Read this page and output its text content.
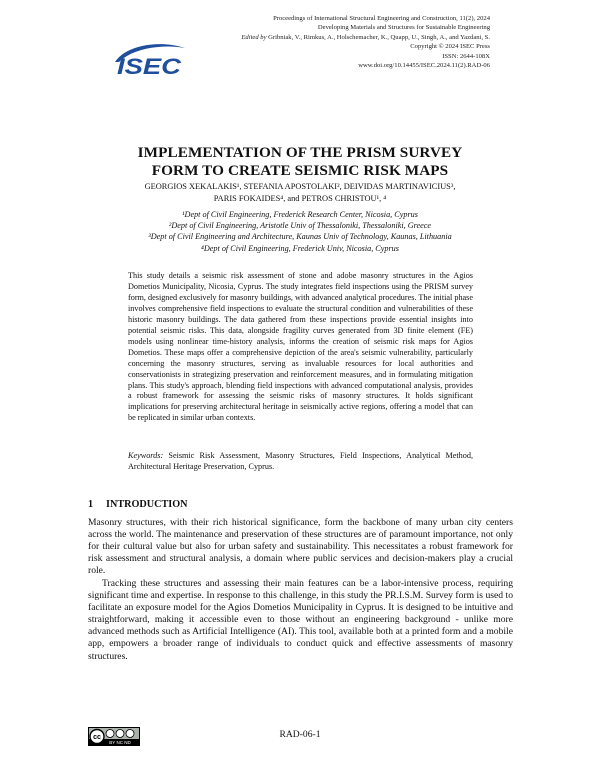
ISEC
Proceedings of International Structural Engineering and Construction, 11(2), 2024
Developing Materials and Structures for Sustainable Engineering
Edited by Gribniak, V., Rimkus, A., Holschemacher, K., Quapp, U., Singh, A., and Yazdani, S.
Copyright © 2024 ISEC Press
ISSN: 2644-108X
www.doi.org/10.14455/ISEC.2024.11(2).RAD-06
IMPLEMENTATION OF THE PRISM SURVEY
FORM TO CREATE SEISMIC RISK MAPS
GEORGIOS XEKALAKIS¹, STEFANIA APOSTOLAKI², DEIVIDAS MARTINAVICIUS³,
PARIS FOKAIDES⁴, and PETROS CHRISTOU¹, ⁴
¹Dept of Civil Engineering, Frederick Research Center, Nicosia, Cyprus
²Dept of Civil Engineering, Aristotle Univ of Thessaloniki, Thessaloniki, Greece
³Dept of Civil Engineering and Architecture, Kaunas Univ of Technology, Kaunas, Lithuania
⁴Dept of Civil Engineering, Frederick Univ, Nicosia, Cyprus
This study details a seismic risk assessment of stone and adobe masonry structures in the Agios Dometios Municipality, Nicosia, Cyprus. The study integrates field inspections using the PRISM survey form, designed exclusively for masonry buildings, with advanced analytical procedures. The initial phase involves comprehensive field inspections to evaluate the structural condition and vulnerabilities of these historic masonry buildings. The data gathered from these inspections provide essential insights into potential seismic risks. This data, alongside fragility curves generated from 3D finite element (FE) models using nonlinear time-history analysis, informs the creation of seismic risk maps for Agios Dometios. These maps offer a comprehensive depiction of the area's seismic vulnerability, particularly concerning the masonry structures, serving as invaluable resources for local authorities and conservationists in strategizing preservation and reinforcement measures, and in formulating mitigation plans. This study's approach, blending field inspections with advanced computational analysis, provides a robust framework for assessing the seismic risks of masonry structures. It holds significant implications for preserving architectural heritage in seismically active regions, offering a model that can be replicated in similar urban contexts.
Keywords: Seismic Risk Assessment, Masonry Structures, Field Inspections, Analytical Method, Architectural Heritage Preservation, Cyprus.
1 INTRODUCTION
Masonry structures, with their rich historical significance, form the backbone of many urban city centers across the world. The maintenance and preservation of these structures are of paramount importance, not only for their cultural value but also for urban safety and sustainability. This necessitates a robust framework for risk assessment and structural analysis, a domain where public services and decision-makers play a crucial role.
Tracking these structures and assessing their main features can be a labor-intensive process, requiring significant time and expertise. In response to this challenge, in this study the PR.I.S.M. Survey form is used to facilitate an exposure model for the Agios Dometios Municipality in Cyprus. It is designed to be intuitive and straightforward, making it accessible even to those without an engineering background - unlike more advanced methods such as Artificial Intelligence (AI). This tool, available both at a printed form and a mobile app, empowers a broader range of individuals to conduct quick and effective assessments of masonry structures.
cc
BY NC ND
RAD-06-1
